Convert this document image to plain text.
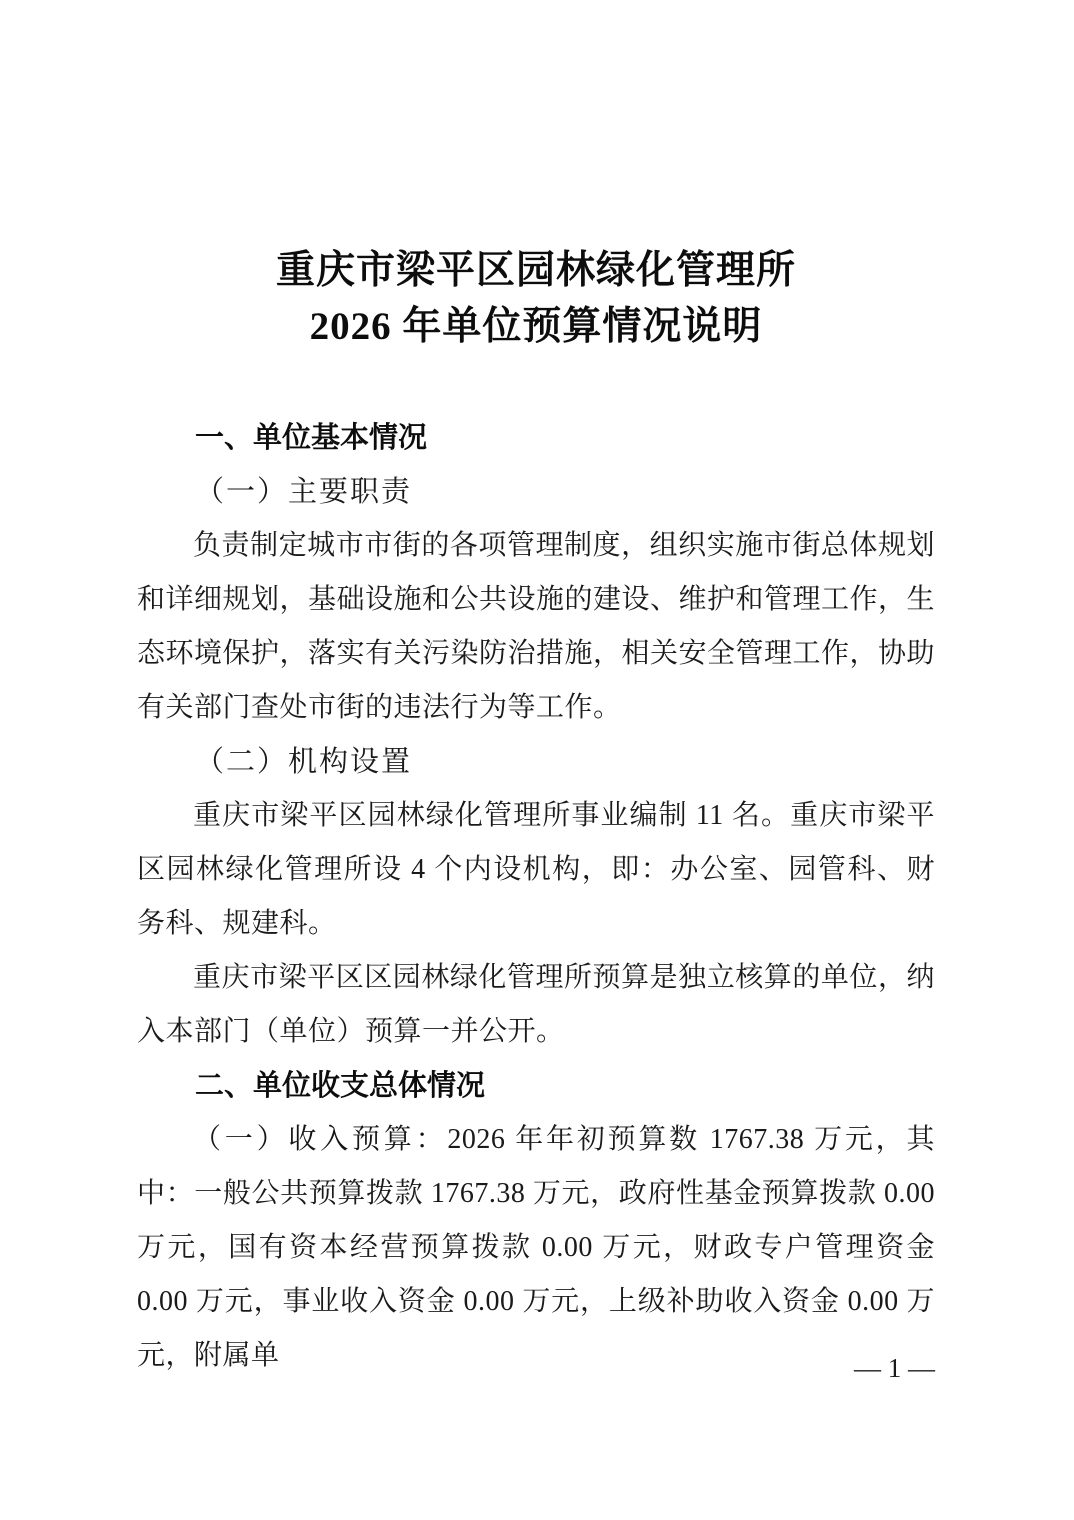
重庆市梁平区园林绿化管理所
2026 年单位预算情况说明
一、单位基本情况
（一）主要职责

负责制定城市市街的各项管理制度，组织实施市街总体规划和详细规划，基础设施和公共设施的建设、维护和管理工作，生态环境保护，落实有关污染防治措施，相关安全管理工作，协助有关部门查处市街的违法行为等工作。

（二）机构设置

重庆市梁平区园林绿化管理所事业编制 11 名。重庆市梁平区园林绿化管理所设 4 个内设机构，即：办公室、园管科、财务科、规建科。

重庆市梁平区区园林绿化管理所预算是独立核算的单位，纳入本部门（单位）预算一并公开。

二、单位收支总体情况

（一）收入预算：2026 年年初预算数 1767.38 万元，其中：一般公共预算拨款 1767.38 万元，政府性基金预算拨款 0.00 万元，国有资本经营预算拨款 0.00 万元，财政专户管理资金 0.00 万元，事业收入资金 0.00 万元，上级补助收入资金 0.00 万元，附属单	— 1 —
